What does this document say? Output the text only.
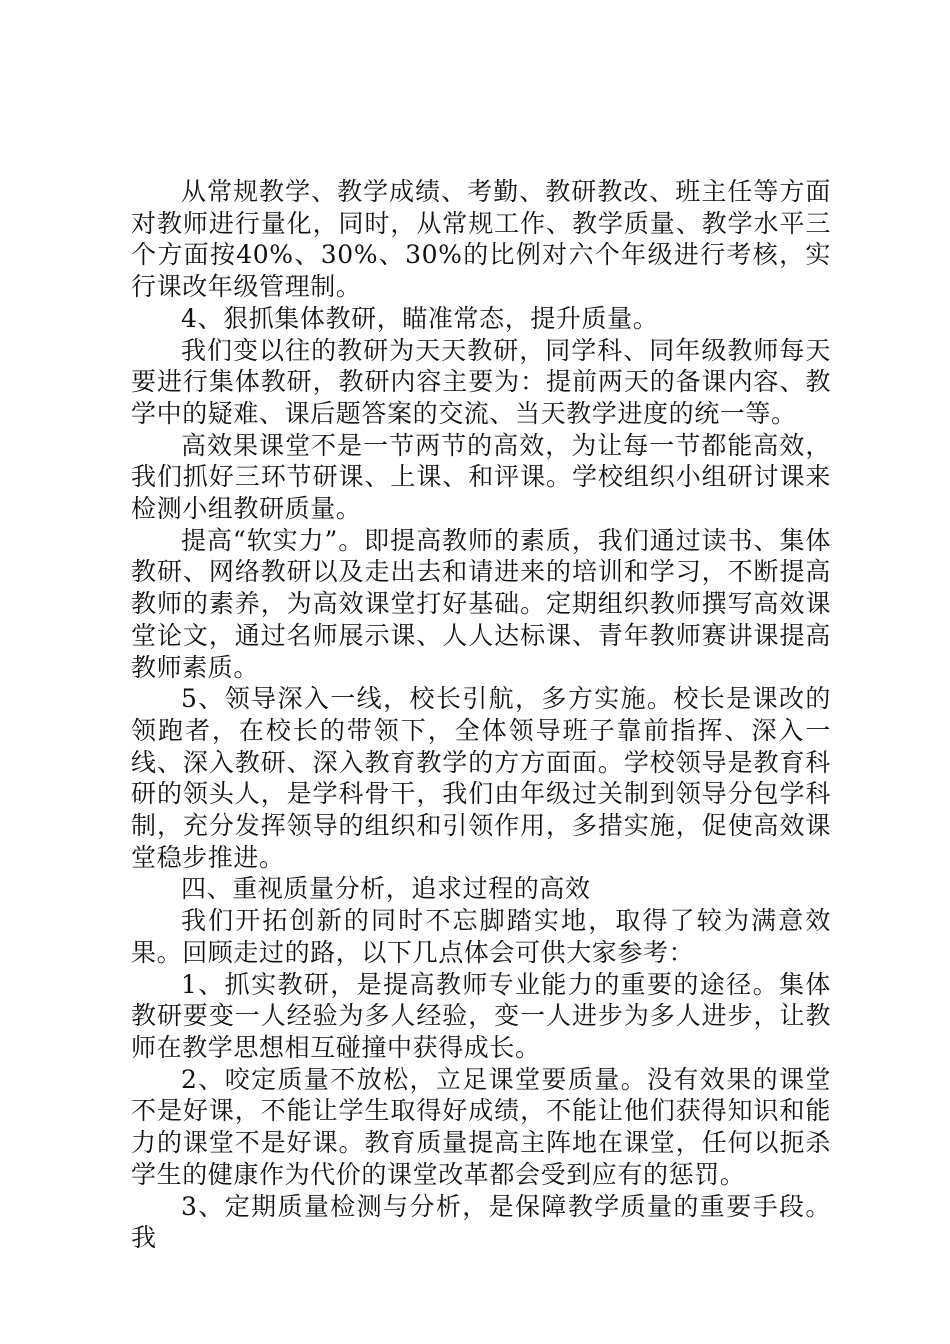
从常规教学、教学成绩、考勤、教研教改、班主任等方面对教师进行量化，同时，从常规工作、教学质量、教学水平三个方面按40%、30%、30%的比例对六个年级进行考核，实行课改年级管理制。

4、狠抓集体教研，瞄准常态，提升质量。

我们变以往的教研为天天教研，同学科、同年级教师每天要进行集体教研，教研内容主要为：提前两天的备课内容、教学中的疑难、课后题答案的交流、当天教学进度的统一等。

高效果课堂不是一节两节的高效，为让每一节都能高效，我们抓好三环节研课、上课、和评课。学校组织小组研讨课来检测小组教研质量。

提高“软实力”。即提高教师的素质，我们通过读书、集体教研、网络教研以及走出去和请进来的培训和学习，不断提高教师的素养，为高效课堂打好基础。定期组织教师撰写高效课堂论文，通过名师展示课、人人达标课、青年教师赛讲课提高教师素质。

5、领导深入一线，校长引航，多方实施。校长是课改的领跑者，在校长的带领下，全体领导班子靠前指挥、深入一线、深入教研、深入教育教学的方方面面。学校领导是教育科研的领头人，是学科骨干，我们由年级过关制到领导分包学科制，充分发挥领导的组织和引领作用，多措实施，促使高效课堂稳步推进。

四、重视质量分析，追求过程的高效

我们开拓创新的同时不忘脚踏实地，取得了较为满意效果。回顾走过的路，以下几点体会可供大家参考：

1、抓实教研，是提高教师专业能力的重要的途径。集体教研要变一人经验为多人经验，变一人进步为多人进步，让教师在教学思想相互碰撞中获得成长。

2、咬定质量不放松，立足课堂要质量。没有效果的课堂不是好课，不能让学生取得好成绩，不能让他们获得知识和能力的课堂不是好课。教育质量提高主阵地在课堂，任何以扼杀学生的健康作为代价的课堂改革都会受到应有的惩罚。

3、定期质量检测与分析，是保障教学质量的重要手段。我
